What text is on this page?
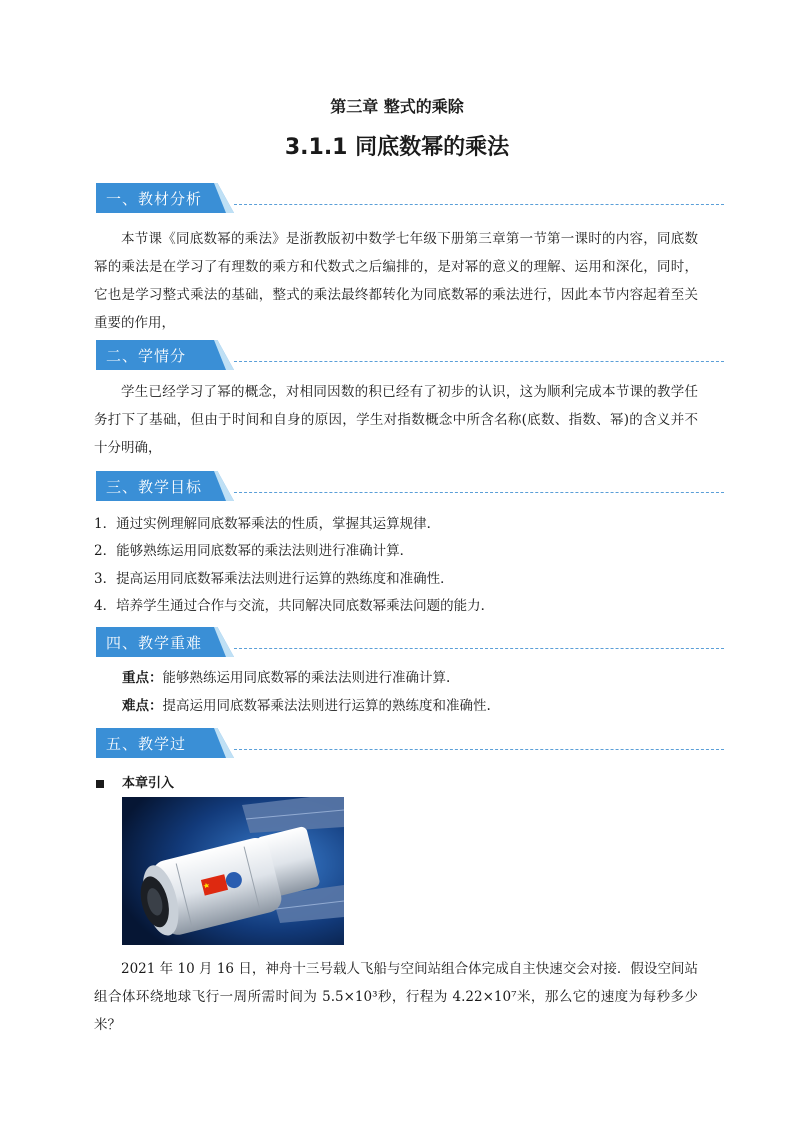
第三章 整式的乘除
3.1.1 同底数幂的乘法
一、教材分析
本节课《同底数幂的乘法》是浙教版初中数学七年级下册第三章第一节第一课时的内容，同底数幂的乘法是在学习了有理数的乘方和代数式之后编排的，是对幂的意义的理解、运用和深化，同时，它也是学习整式乘法的基础，整式的乘法最终都转化为同底数幂的乘法进行，因此本节内容起着至关重要的作用，
二、学情分
学生已经学习了幂的概念，对相同因数的积已经有了初步的认识，这为顺利完成本节课的教学任务打下了基础，但由于时间和自身的原因，学生对指数概念中所含名称(底数、指数、幂)的含义并不十分明确，
三、教学目标
1．通过实例理解同底数幂乘法的性质，掌握其运算规律．
2．能够熟练运用同底数幂的乘法法则进行准确计算．
3．提高运用同底数幂乘法法则进行运算的熟练度和准确性．
4．培养学生通过合作与交流，共同解决同底数幂乘法问题的能力．
四、教学重难
重点：能够熟练运用同底数幂的乘法法则进行准确计算.
难点：提高运用同底数幂乘法法则进行运算的熟练度和准确性.
五、教学过
本章引入
2021 年 10 月 16 日，神舟十三号载人飞船与空间站组合体完成自主快速交会对接．假设空间站组合体环绕地球飞行一周所需时间为 5.5×10³秒，行程为 4.22×10⁷米，那么它的速度为每秒多少米？
